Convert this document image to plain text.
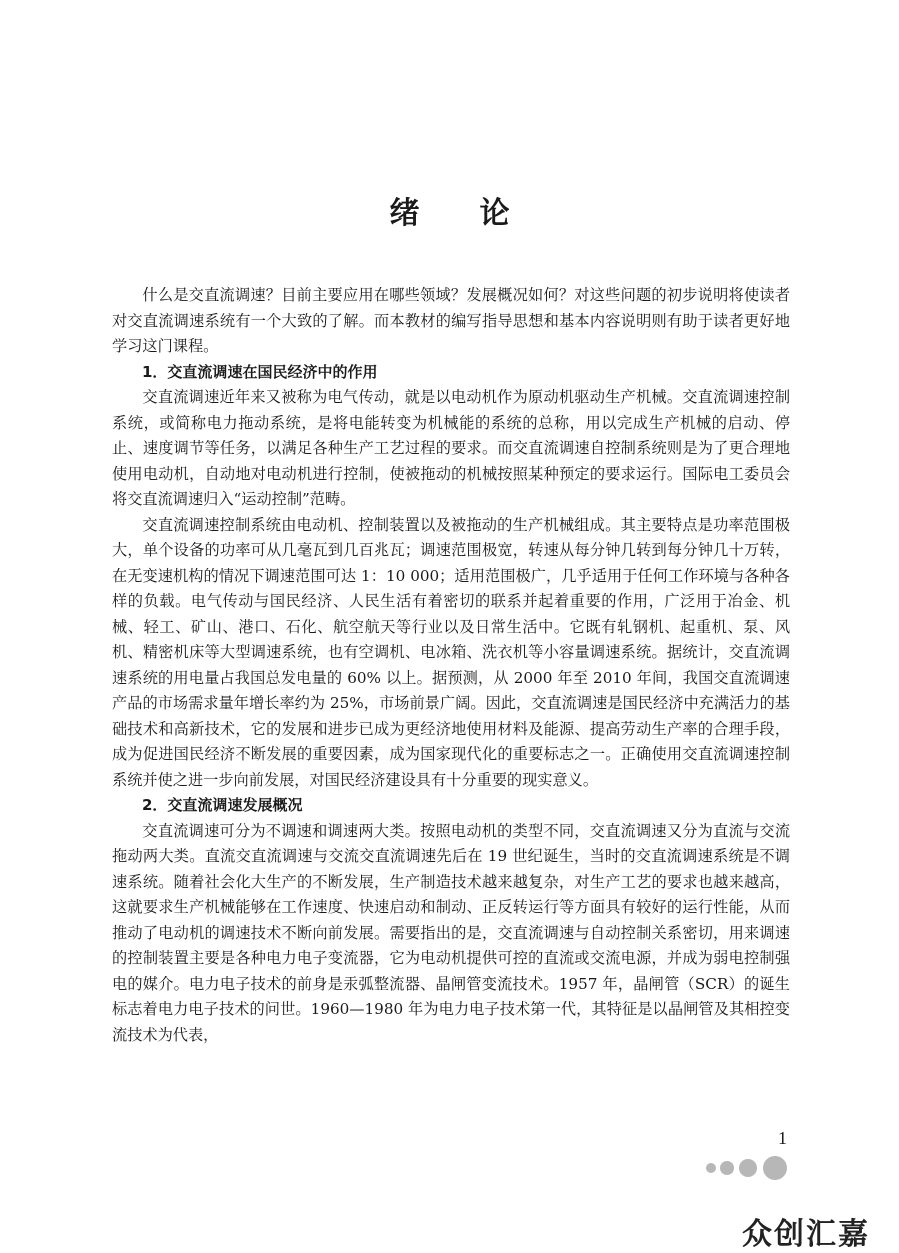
绪论

什么是交直流调速？目前主要应用在哪些领域？发展概况如何？对这些问题的初步说明将使读者对交直流调速系统有一个大致的了解。而本教材的编写指导思想和基本内容说明则有助于读者更好地学习这门课程。

1．交直流调速在国民经济中的作用

交直流调速近年来又被称为电气传动，就是以电动机作为原动机驱动生产机械。交直流调速控制系统，或简称电力拖动系统，是将电能转变为机械能的系统的总称，用以完成生产机械的启动、停止、速度调节等任务，以满足各种生产工艺过程的要求。而交直流调速自控制系统则是为了更合理地使用电动机，自动地对电动机进行控制，使被拖动的机械按照某种预定的要求运行。国际电工委员会将交直流调速归入“运动控制”范畴。

交直流调速控制系统由电动机、控制装置以及被拖动的生产机械组成。其主要特点是功率范围极大，单个设备的功率可从几毫瓦到几百兆瓦；调速范围极宽，转速从每分钟几转到每分钟几十万转，在无变速机构的情况下调速范围可达 1：10 000；适用范围极广，几乎适用于任何工作环境与各种各样的负载。电气传动与国民经济、人民生活有着密切的联系并起着重要的作用，广泛用于冶金、机械、轻工、矿山、港口、石化、航空航天等行业以及日常生活中。它既有轧钢机、起重机、泵、风机、精密机床等大型调速系统，也有空调机、电冰箱、洗衣机等小容量调速系统。据统计，交直流调速系统的用电量占我国总发电量的 60% 以上。据预测，从 2000 年至 2010 年间，我国交直流调速产品的市场需求量年增长率约为 25%，市场前景广阔。因此，交直流调速是国民经济中充满活力的基础技术和高新技术，它的发展和进步已成为更经济地使用材料及能源、提高劳动生产率的合理手段，成为促进国民经济不断发展的重要因素，成为国家现代化的重要标志之一。正确使用交直流调速控制系统并使之进一步向前发展，对国民经济建设具有十分重要的现实意义。

2．交直流调速发展概况

交直流调速可分为不调速和调速两大类。按照电动机的类型不同，交直流调速又分为直流与交流拖动两大类。直流交直流调速与交流交直流调速先后在 19 世纪诞生，当时的交直流调速系统是不调速系统。随着社会化大生产的不断发展，生产制造技术越来越复杂，对生产工艺的要求也越来越高，这就要求生产机械能够在工作速度、快速启动和制动、正反转运行等方面具有较好的运行性能，从而推动了电动机的调速技术不断向前发展。需要指出的是，交直流调速与自动控制关系密切，用来调速的控制装置主要是各种电力电子变流器，它为电动机提供可控的直流或交流电源，并成为弱电控制强电的媒介。电力电子技术的前身是汞弧整流器、晶闸管变流技术。1957 年，晶闸管（SCR）的诞生标志着电力电子技术的问世。1960—1980 年为电力电子技术第一代，其特征是以晶闸管及其相控变流技术为代表，

1
众创汇嘉
